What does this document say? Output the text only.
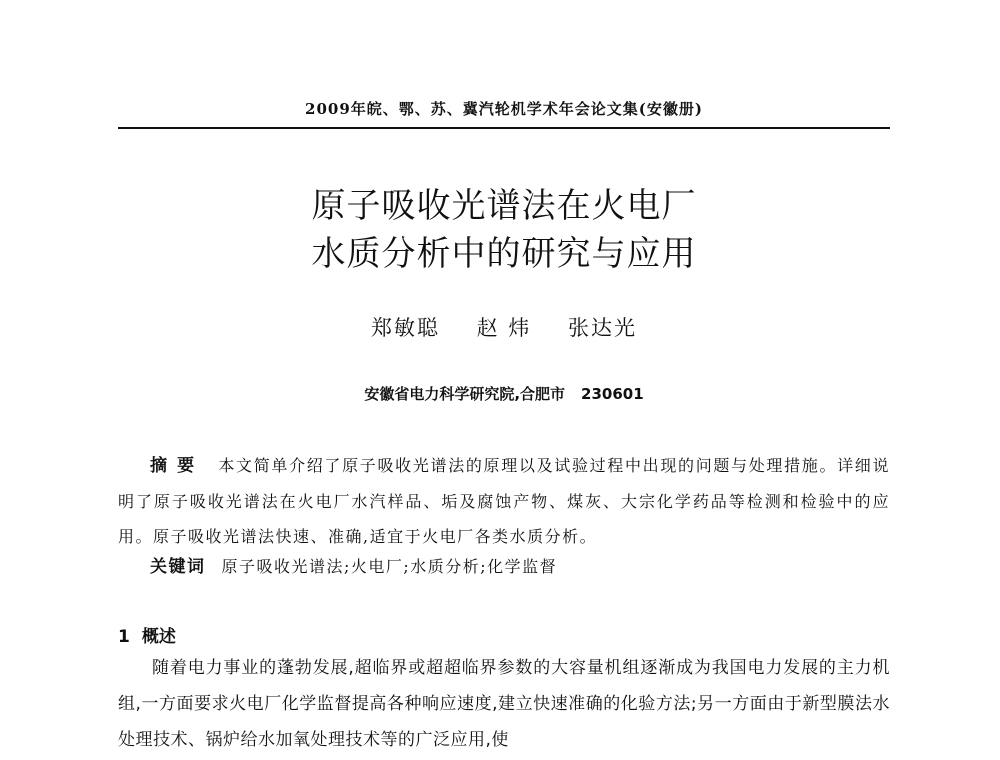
2009年皖、鄂、苏、冀汽轮机学术年会论文集(安徽册)
原子吸收光谱法在火电厂
水质分析中的研究与应用
郑敏聪 赵 炜 张达光
安徽省电力科学研究院,合肥市 230601

摘要 本文简单介绍了原子吸收光谱法的原理以及试验过程中出现的问题与处理措施。详细说明了原子吸收光谱法在火电厂水汽样品、垢及腐蚀产物、煤灰、大宗化学药品等检测和检验中的应用。原子吸收光谱法快速、准确,适宜于火电厂各类水质分析。

关键词 原子吸收光谱法;火电厂;水质分析;化学监督

1 概述

随着电力事业的蓬勃发展,超临界或超超临界参数的大容量机组逐渐成为我国电力发展的主力机组,一方面要求火电厂化学监督提高各种响应速度,建立快速准确的化验方法;另一方面由于新型膜法水处理技术、锅炉给水加氧处理技术等的广泛应用,使
